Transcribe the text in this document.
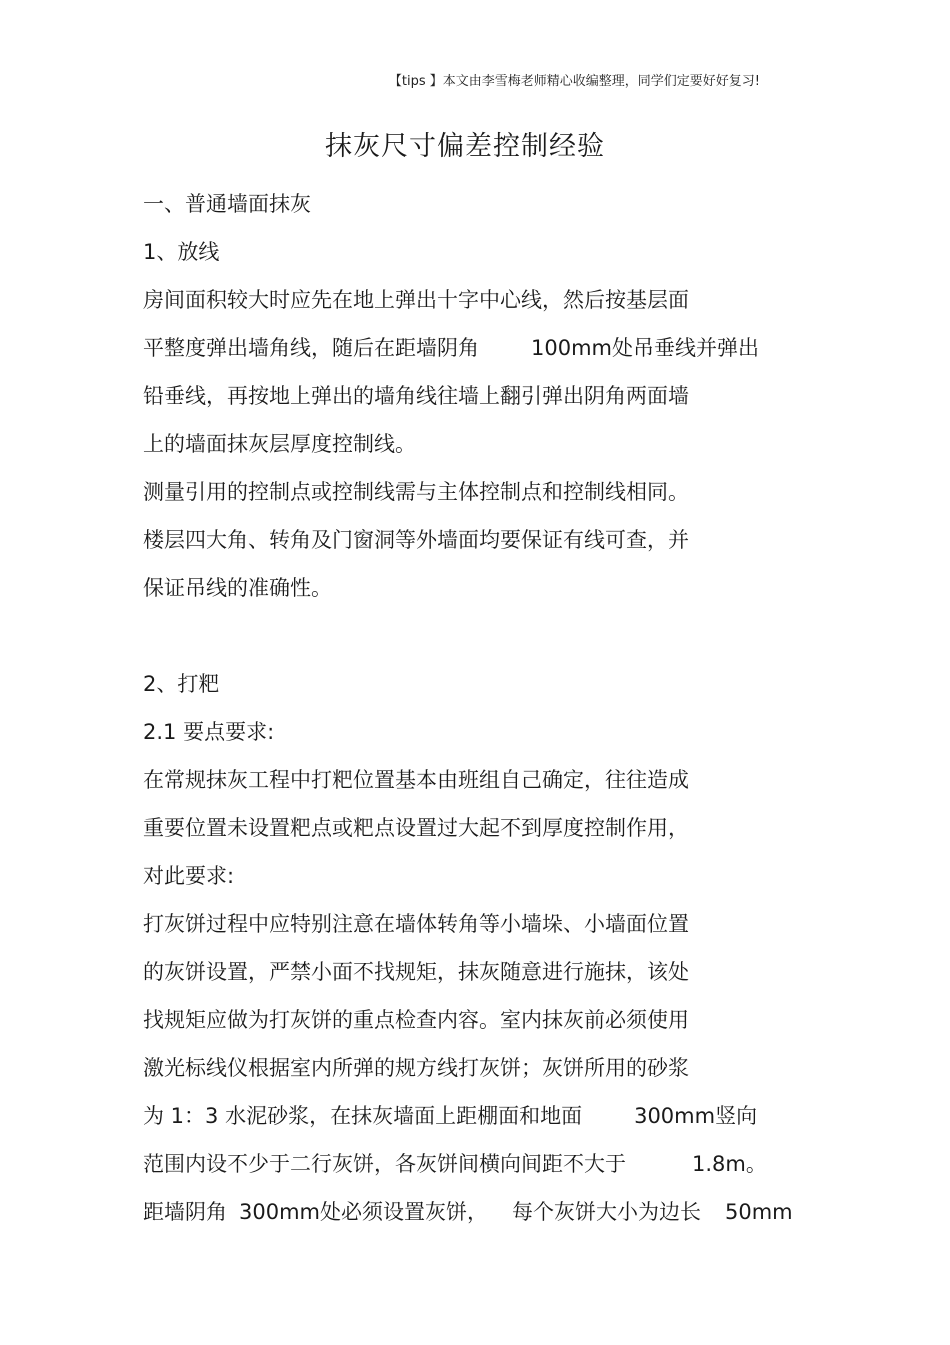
【tips 】本文由李雪梅老师精心收编整理，同学们定要好好复习!
抹灰尺寸偏差控制经验
一、普通墙面抹灰
1、放线
房间面积较大时应先在地上弹出十字中心线，然后按基层面
平整度弹出墙角线，随后在距墙阴角 100mm处吊垂线并弹出
铅垂线，再按地上弹出的墙角线往墙上翻引弹出阴角两面墙
上的墙面抹灰层厚度控制线。
测量引用的控制点或控制线需与主体控制点和控制线相同。
楼层四大角、转角及门窗洞等外墙面均要保证有线可查，并
保证吊线的准确性。
2、打粑
2.1 要点要求:
在常规抹灰工程中打粑位置基本由班组自己确定，往往造成
重要位置未设置粑点或粑点设置过大起不到厚度控制作用，
对此要求:
打灰饼过程中应特别注意在墙体转角等小墙垛、小墙面位置
的灰饼设置，严禁小面不找规矩，抹灰随意进行施抹，该处
找规矩应做为打灰饼的重点检查内容。室内抹灰前必须使用
激光标线仪根据室内所弹的规方线打灰饼；灰饼所用的砂浆
为 1：3 水泥砂浆，在抹灰墙面上距棚面和地面 300mm竖向
范围内设不少于二行灰饼，各灰饼间横向间距不大于	1.8m。
距墙阴角 300mm处必须设置灰饼， 每个灰饼大小为边长 50mm
